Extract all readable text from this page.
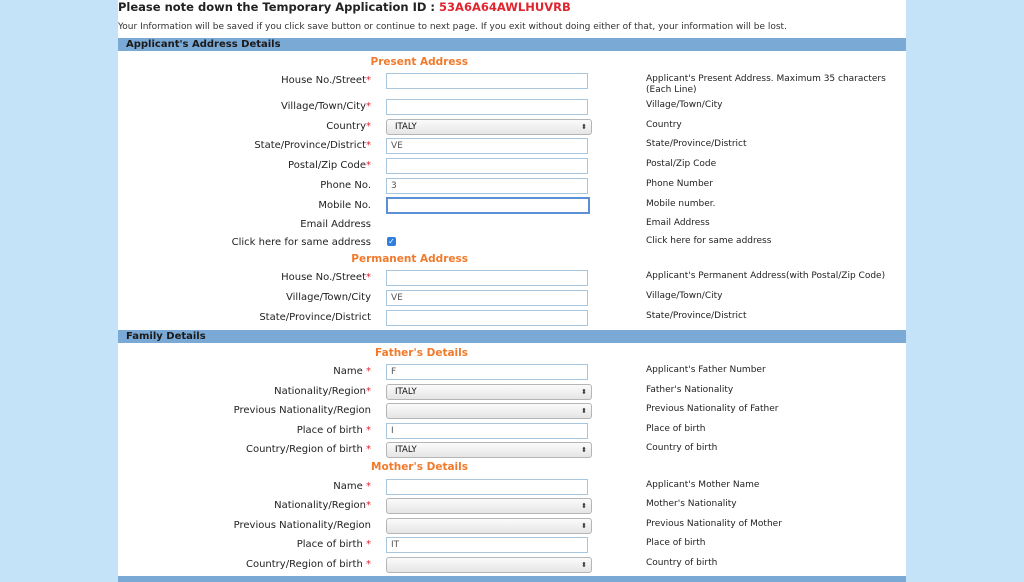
Please note down the Temporary Application ID : 53A6A64AWLHUVRB
Your Information will be saved if you click save button or continue to next page. If you exit without doing either of that, your information will be lost.
Applicant's Address Details
Present Address
House No./Street*	Applicant's Present Address. Maximum 35 characters (Each Line)
Village/Town/City*	Village/Town/City
Country*	ITALY	⬍	Country
State/Province/District*	VE	State/Province/District
Postal/Zip Code*	Postal/Zip Code
Phone No.	3	Phone Number
Mobile No.	Mobile number.
Email Address	Email Address
Click here for same address ✓	Click here for same address
Permanent Address
House No./Street*	Applicant's Permanent Address(with Postal/Zip Code)
Village/Town/City	VE	Village/Town/City
State/Province/District	State/Province/District
Family Details
Father's Details
Name *	F	Applicant's Father Number
Nationality/Region*	ITALY	⬍	Father's Nationality
Previous Nationality/Region	⬍	Previous Nationality of Father
Place of birth *	I	Place of birth
Country/Region of birth *	ITALY	⬍	Country of birth
Mother's Details
Name *	Applicant's Mother Name
Nationality/Region*	⬍	Mother's Nationality
Previous Nationality/Region	⬍	Previous Nationality of Mother
Place of birth *	IT	Place of birth
Country/Region of birth *	⬍	Country of birth
